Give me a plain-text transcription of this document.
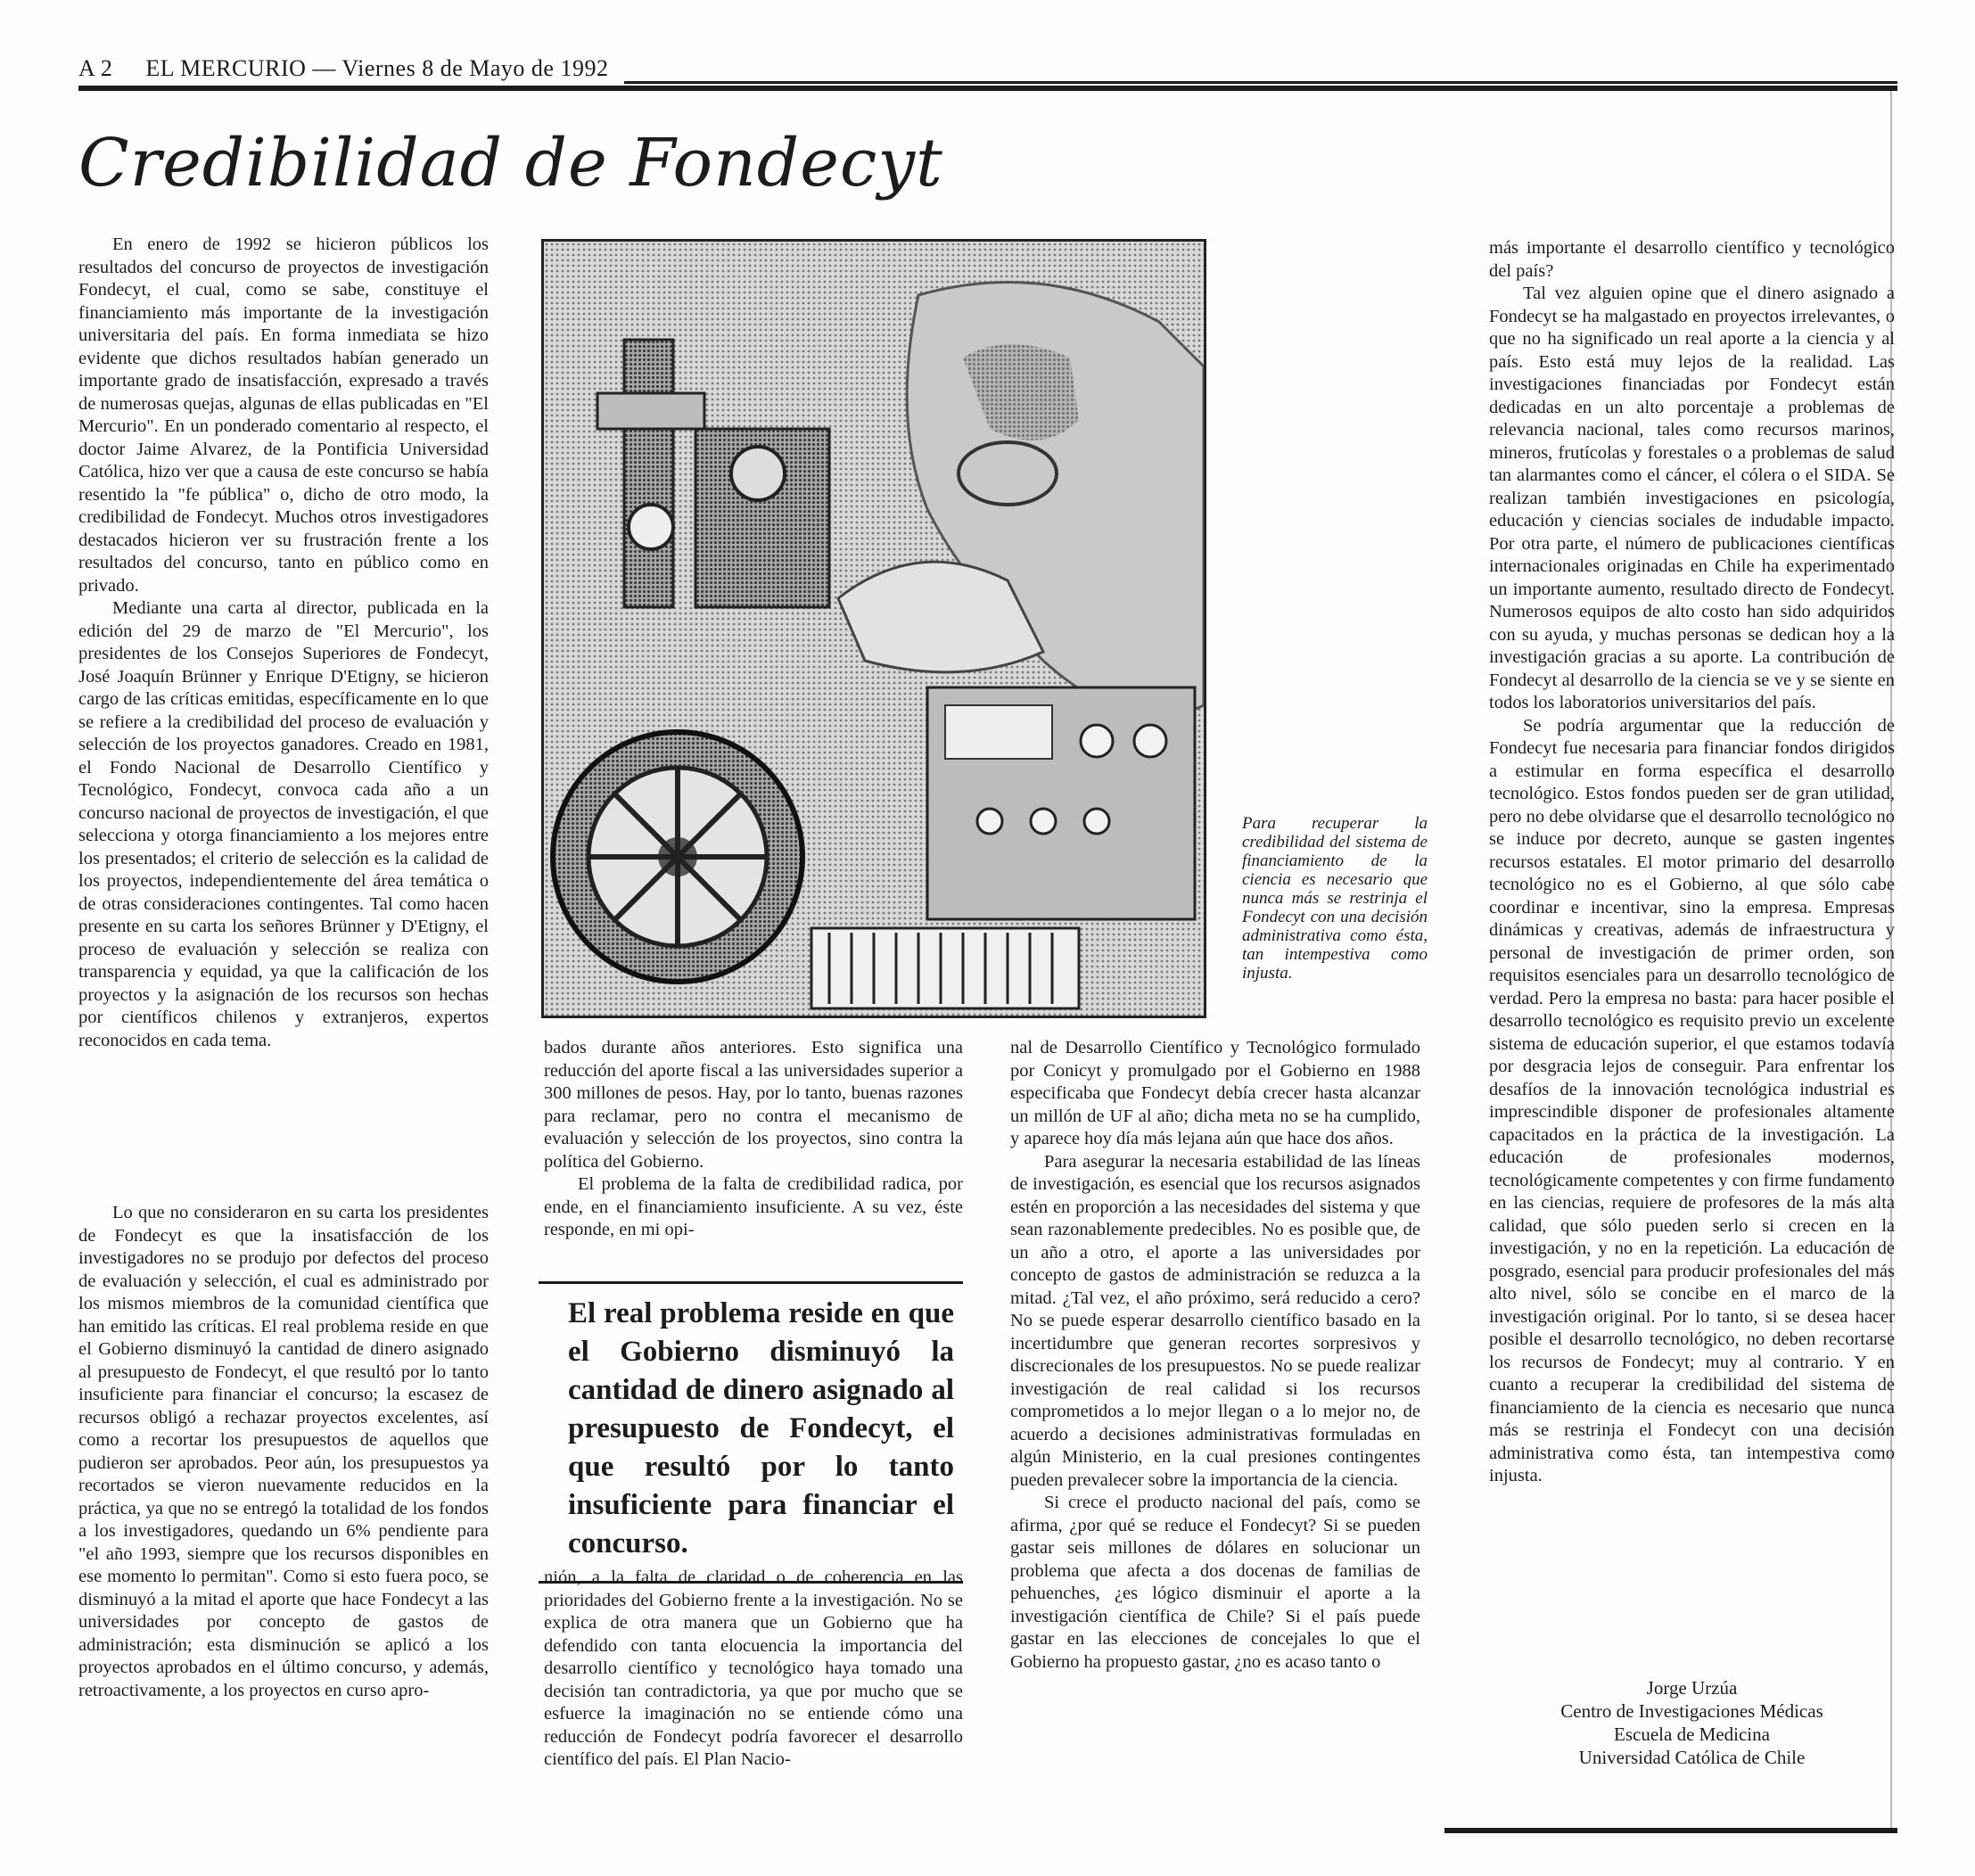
A 2 EL MERCURIO — Viernes 8 de Mayo de 1992
Credibilidad de Fondecyt

En enero de 1992 se hicieron públicos los resultados del concurso de proyectos de investigación Fondecyt, el cual, como se sabe, constituye el financiamiento más importante de la investigación universitaria del país. En forma inmediata se hizo evidente que dichos resultados habían generado un importante grado de insatisfacción, expresado a través de numerosas quejas, algunas de ellas publicadas en "El Mercurio". En un ponderado comentario al respecto, el doctor Jaime Alvarez, de la Pontificia Universidad Católica, hizo ver que a causa de este concurso se había resentido la "fe pública" o, dicho de otro modo, la credibilidad de Fondecyt. Muchos otros investigadores destacados hicieron ver su frustración frente a los resultados del concurso, tanto en público como en privado.

Mediante una carta al director, publicada en la edición del 29 de marzo de "El Mercurio", los presidentes de los Consejos Superiores de Fondecyt, José Joaquín Brünner y Enrique D'Etigny, se hicieron cargo de las críticas emitidas, específicamente en lo que se refiere a la credibilidad del proceso de evaluación y selección de los proyectos ganadores. Creado en 1981, el Fondo Nacional de Desarrollo Científico y Tecnológico, Fondecyt, convoca cada año a un concurso nacional de proyectos de investigación, el que selecciona y otorga financiamiento a los mejores entre los presentados; el criterio de selección es la calidad de los proyectos, independientemente del área temática o de otras consideraciones contingentes. Tal como hacen presente en su carta los señores Brünner y D'Etigny, el proceso de evaluación y selección se realiza con transparencia y equidad, ya que la calificación de los proyectos y la asignación de los recursos son hechas por científicos chilenos y extranjeros, expertos reconocidos en cada tema.

Lo que no consideraron en su carta los presidentes de Fondecyt es que la insatisfacción de los investigadores no se produjo por defectos del proceso de evaluación y selección, el cual es administrado por los mismos miembros de la comunidad científica que han emitido las críticas. El real problema reside en que el Gobierno disminuyó la cantidad de dinero asignado al presupuesto de Fondecyt, el que resultó por lo tanto insuficiente para financiar el concurso; la escasez de recursos obligó a rechazar proyectos excelentes, así como a recortar los presupuestos de aquellos que pudieron ser aprobados. Peor aún, los presupuestos ya recortados se vieron nuevamente reducidos en la práctica, ya que no se entregó la totalidad de los fondos a los investigadores, quedando un 6% pendiente para "el año 1993, siempre que los recursos disponibles en ese momento lo permitan". Como si esto fuera poco, se disminuyó a la mitad el aporte que hace Fondecyt a las universidades por concepto de gastos de administración; esta disminución se aplicó a los proyectos aprobados en el último concurso, y además, retroactivamente, a los proyectos en curso apro-

Para recuperar la credibilidad del sistema de financiamiento de la ciencia es necesario que nunca más se restrinja el Fondecyt con una decisión administrativa como ésta, tan intempestiva como injusta.

bados durante años anteriores. Esto significa una reducción del aporte fiscal a las universidades superior a 300 millones de pesos. Hay, por lo tanto, buenas razones para reclamar, pero no contra el mecanismo de evaluación y selección de los proyectos, sino contra la política del Gobierno.

El problema de la falta de credibilidad radica, por ende, en el financiamiento insuficiente. A su vez, éste responde, en mi opi-

El real problema reside en que el Gobierno disminuyó la cantidad de dinero asignado al presupuesto de Fondecyt, el que resultó por lo tanto insuficiente para financiar el concurso.

nión, a la falta de claridad o de coherencia en las prioridades del Gobierno frente a la investigación. No se explica de otra manera que un Gobierno que ha defendido con tanta elocuencia la importancia del desarrollo científico y tecnológico haya tomado una decisión tan contradictoria, ya que por mucho que se esfuerce la imaginación no se entiende cómo una reducción de Fondecyt podría favorecer el desarrollo científico del país. El Plan Nacio-

nal de Desarrollo Científico y Tecnológico formulado por Conicyt y promulgado por el Gobierno en 1988 especificaba que Fondecyt debía crecer hasta alcanzar un millón de UF al año; dicha meta no se ha cumplido, y aparece hoy día más lejana aún que hace dos años.

Para asegurar la necesaria estabilidad de las líneas de investigación, es esencial que los recursos asignados estén en proporción a las necesidades del sistema y que sean razonablemente predecibles. No es posible que, de un año a otro, el aporte a las universidades por concepto de gastos de administración se reduzca a la mitad. ¿Tal vez, el año próximo, será reducido a cero? No se puede esperar desarrollo científico basado en la incertidumbre que generan recortes sorpresivos y discrecionales de los presupuestos. No se puede realizar investigación de real calidad si los recursos comprometidos a lo mejor llegan o a lo mejor no, de acuerdo a decisiones administrativas formuladas en algún Ministerio, en la cual presiones contingentes pueden prevalecer sobre la importancia de la ciencia.

Si crece el producto nacional del país, como se afirma, ¿por qué se reduce el Fondecyt? Si se pueden gastar seis millones de dólares en solucionar un problema que afecta a dos docenas de familias de pehuenches, ¿es lógico disminuir el aporte a la investigación científica de Chile? Si el país puede gastar en las elecciones de concejales lo que el Gobierno ha propuesto gastar, ¿no es acaso tanto o

más importante el desarrollo científico y tecnológico del país?

Tal vez alguien opine que el dinero asignado a Fondecyt se ha malgastado en proyectos irrelevantes, o que no ha significado un real aporte a la ciencia y al país. Esto está muy lejos de la realidad. Las investigaciones financiadas por Fondecyt están dedicadas en un alto porcentaje a problemas de relevancia nacional, tales como recursos marinos, mineros, frutícolas y forestales o a problemas de salud tan alarmantes como el cáncer, el cólera o el SIDA. Se realizan también investigaciones en psicología, educación y ciencias sociales de indudable impacto. Por otra parte, el número de publicaciones científicas internacionales originadas en Chile ha experimentado un importante aumento, resultado directo de Fondecyt. Numerosos equipos de alto costo han sido adquiridos con su ayuda, y muchas personas se dedican hoy a la investigación gracias a su aporte. La contribución de Fondecyt al desarrollo de la ciencia se ve y se siente en todos los laboratorios universitarios del país.

Se podría argumentar que la reducción de Fondecyt fue necesaria para financiar fondos dirigidos a estimular en forma específica el desarrollo tecnológico. Estos fondos pueden ser de gran utilidad, pero no debe olvidarse que el desarrollo tecnológico no se induce por decreto, aunque se gasten ingentes recursos estatales. El motor primario del desarrollo tecnológico no es el Gobierno, al que sólo cabe coordinar e incentivar, sino la empresa. Empresas dinámicas y creativas, además de infraestructura y personal de investigación de primer orden, son requisitos esenciales para un desarrollo tecnológico de verdad. Pero la empresa no basta: para hacer posible el desarrollo tecnológico es requisito previo un excelente sistema de educación superior, el que estamos todavía por desgracia lejos de conseguir. Para enfrentar los desafíos de la innovación tecnológica industrial es imprescindible disponer de profesionales altamente capacitados en la práctica de la investigación. La educación de profesionales modernos, tecnológicamente competentes y con firme fundamento en las ciencias, requiere de profesores de la más alta calidad, que sólo pueden serlo si crecen en la investigación, y no en la repetición. La educación de posgrado, esencial para producir profesionales del más alto nivel, sólo se concibe en el marco de la investigación original. Por lo tanto, si se desea hacer posible el desarrollo tecnológico, no deben recortarse los recursos de Fondecyt; muy al contrario. Y en cuanto a recuperar la credibilidad del sistema de financiamiento de la ciencia es necesario que nunca más se restrinja el Fondecyt con una decisión administrativa como ésta, tan intempestiva como injusta.

Jorge Urzúa
Centro de Investigaciones Médicas
Escuela de Medicina
Universidad Católica de Chile
